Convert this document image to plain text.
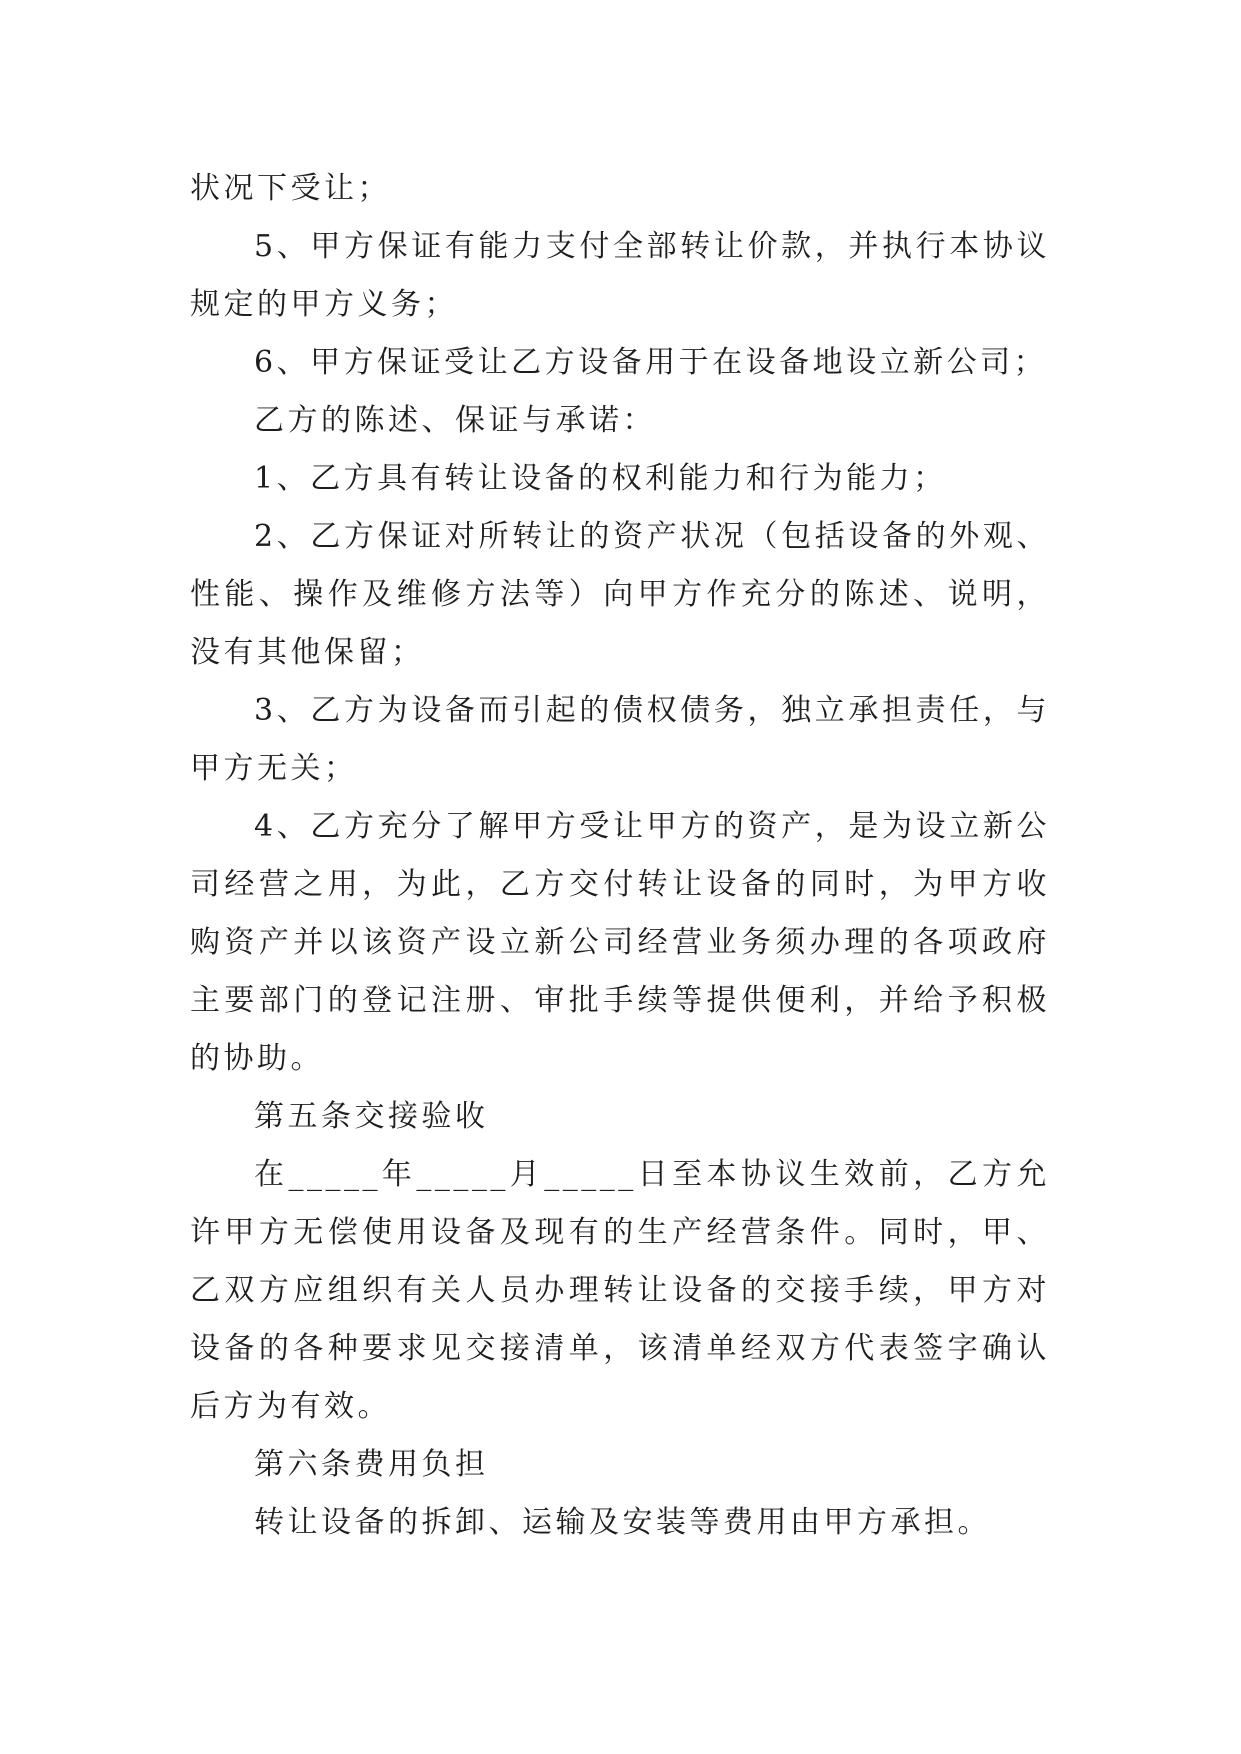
状况下受让；

5、甲方保证有能力支付全部转让价款，并执行本协议规定的甲方义务；

6、甲方保证受让乙方设备用于在设备地设立新公司；

乙方的陈述、保证与承诺：

1、乙方具有转让设备的权利能力和行为能力；

2、乙方保证对所转让的资产状况（包括设备的外观、性能、操作及维修方法等）向甲方作充分的陈述、说明，没有其他保留；

3、乙方为设备而引起的债权债务，独立承担责任，与甲方无关；

4、乙方充分了解甲方受让甲方的资产，是为设立新公司经营之用，为此，乙方交付转让设备的同时，为甲方收购资产并以该资产设立新公司经营业务须办理的各项政府主要部门的登记注册、审批手续等提供便利，并给予积极的协助。

第五条交接验收

在_____年_____月_____日至本协议生效前，乙方允许甲方无偿使用设备及现有的生产经营条件。同时，甲、乙双方应组织有关人员办理转让设备的交接手续，甲方对设备的各种要求见交接清单，该清单经双方代表签字确认后方为有效。

第六条费用负担

转让设备的拆卸、运输及安装等费用由甲方承担。
